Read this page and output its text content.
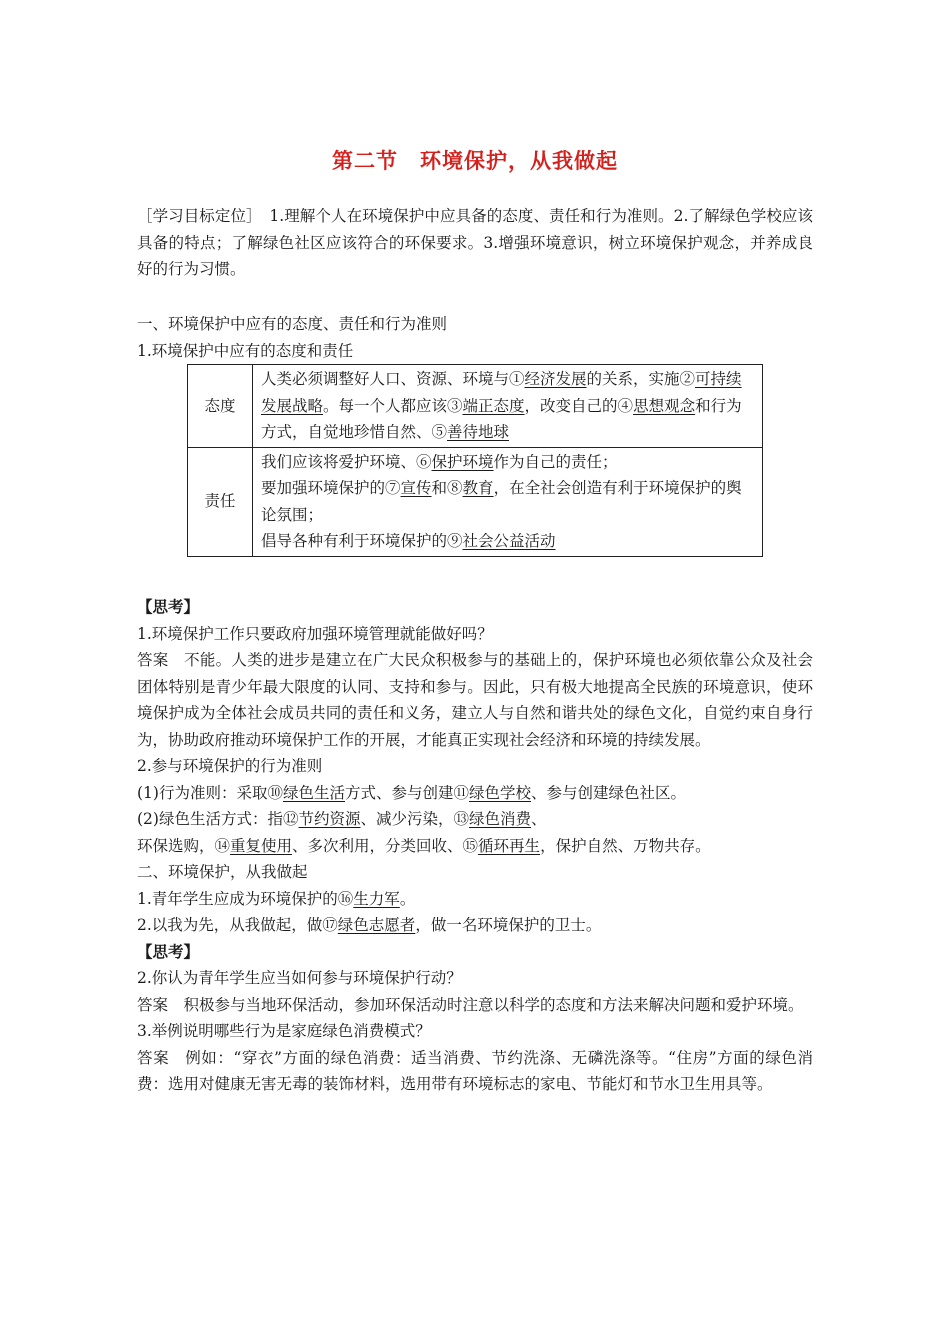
第二节　环境保护，从我做起

［学习目标定位］　1.理解个人在环境保护中应具备的态度、责任和行为准则。2.了解绿色学校应该具备的特点；了解绿色社区应该符合的环保要求。3.增强环境意识，树立环境保护观念，并养成良好的行为习惯。

一、环境保护中应有的态度、责任和行为准则

1.环境保护中应有的态度和责任

态度	人类必须调整好人口、资源、环境与①经济发展的关系，实施②可持续发展战略。每一个人都应该③端正态度，改变自己的④思想观念和行为方式，自觉地珍惜自然、⑤善待地球
责任	我们应该将爱护环境、⑥保护环境作为自己的责任；
要加强环境保护的⑦宣传和⑧教育，在全社会创造有利于环境保护的舆论氛围；
倡导各种有利于环境保护的⑨社会公益活动

【思考】

1.环境保护工作只要政府加强环境管理就能做好吗？

答案　不能。人类的进步是建立在广大民众积极参与的基础上的，保护环境也必须依靠公众及社会团体特别是青少年最大限度的认同、支持和参与。因此，只有极大地提高全民族的环境意识，使环境保护成为全体社会成员共同的责任和义务，建立人与自然和谐共处的绿色文化，自觉约束自身行为，协助政府推动环境保护工作的开展，才能真正实现社会经济和环境的持续发展。

2.参与环境保护的行为准则

(1)行为准则：采取⑩绿色生活方式、参与创建⑪绿色学校、参与创建绿色社区。

(2)绿色生活方式：指⑫节约资源、减少污染，⑬绿色消费、

环保选购，⑭重复使用、多次利用，分类回收、⑮循环再生，保护自然、万物共存。

二、环境保护，从我做起

1.青年学生应成为环境保护的⑯生力军。

2.以我为先，从我做起，做⑰绿色志愿者，做一名环境保护的卫士。

【思考】

2.你认为青年学生应当如何参与环境保护行动？

答案　积极参与当地环保活动，参加环保活动时注意以科学的态度和方法来解决问题和爱护环境。

3.举例说明哪些行为是家庭绿色消费模式？

答案　例如：“穿衣”方面的绿色消费：适当消费、节约洗涤、无磷洗涤等。“住房”方面的绿色消费：选用对健康无害无毒的装饰材料，选用带有环境标志的家电、节能灯和节水卫生用具等。
